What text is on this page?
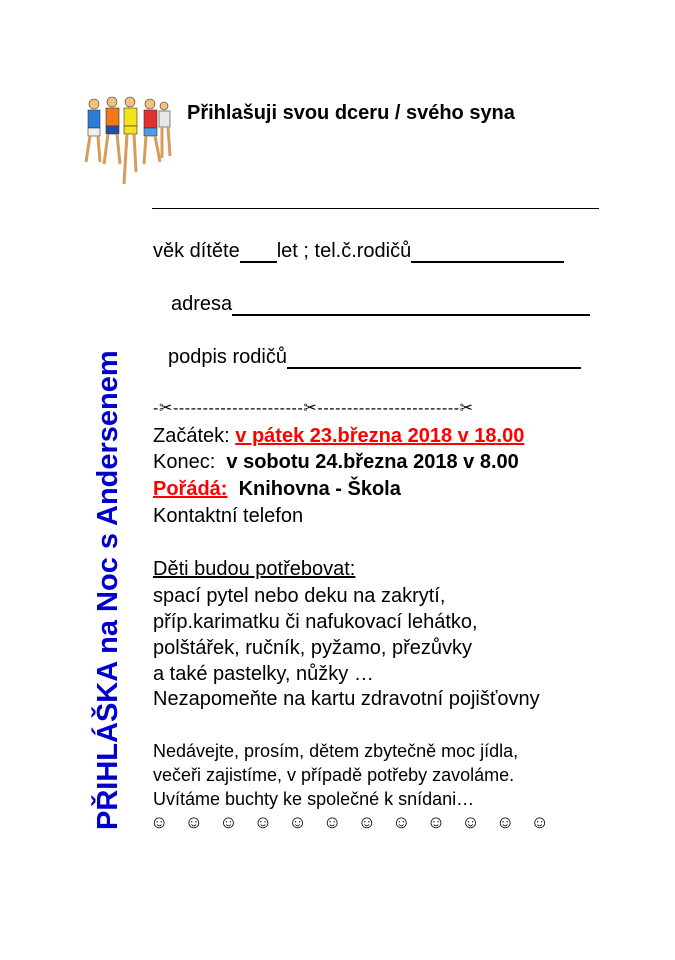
Přihlašuji svou dceru / svého syna
věk dítěte let ; tel.č.rodičů
adresa
podpis rodičů
-✂----------------------✂------------------------✂
PŘIHLÁŠKA na Noc s Andersenem Začátek: v pátek 23.března 2018 v 18.00
Konec: v sobotu 24.března 2018 v 8.00
Pořádá: Knihovna - Škola
Kontaktní telefon
Děti budou potřebovat:
spací pytel nebo deku na zakrytí,
příp.karimatku či nafukovací lehátko,
polštářek, ručník, pyžamo, přezůvky
a také pastelky, nůžky …
Nezapomeňte na kartu zdravotní pojišťovny
Nedávejte, prosím, dětem zbytečně moc jídla,
večeři zajistíme, v případě potřeby zavoláme.
Uvítáme buchty ke společné k snídani…
☺ ☺ ☺ ☺ ☺ ☺ ☺ ☺ ☺ ☺ ☺ ☺
